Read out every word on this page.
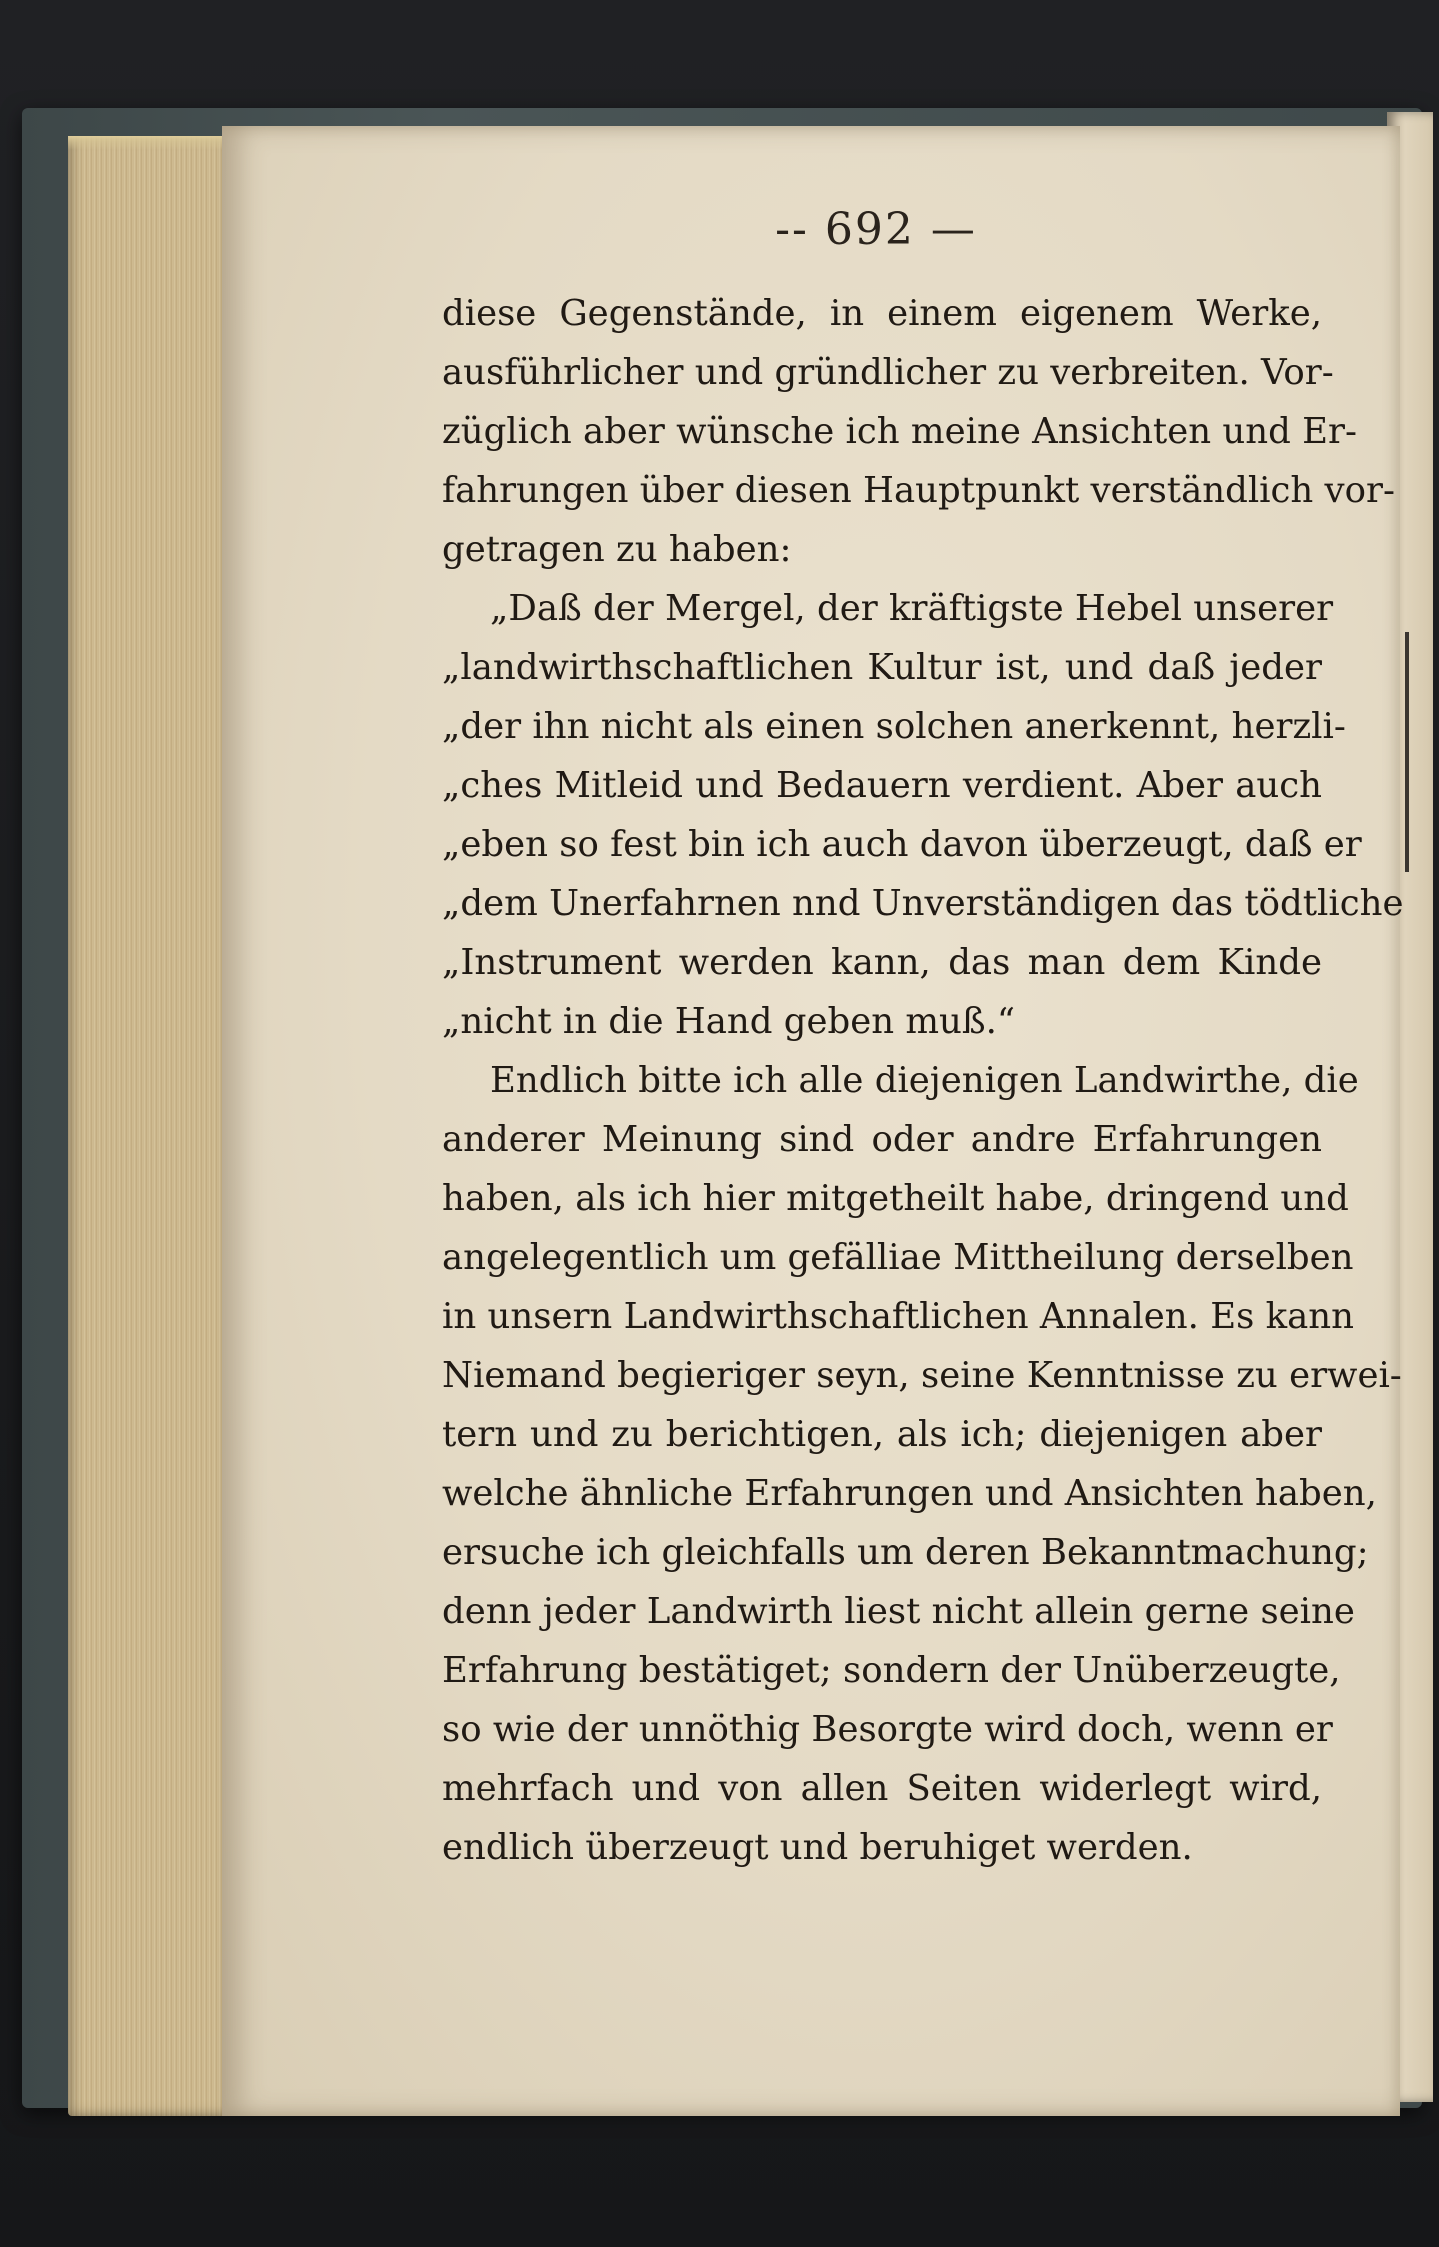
-- 692 —
diese Gegenstände, in einem eigenem Werke,
ausführlicher und gründlicher zu verbreiten. Vor-
züglich aber wünsche ich meine Ansichten und Er-
fahrungen über diesen Hauptpunkt verständlich vor-
getragen zu haben:
„Daß der Mergel, der kräftigste Hebel unserer
„landwirthschaftlichen Kultur ist, und daß jeder
„der ihn nicht als einen solchen anerkennt, herzli-
„ches Mitleid und Bedauern verdient. Aber auch
„eben so fest bin ich auch davon überzeugt, daß er
„dem Unerfahrnen nnd Unverständigen das tödtliche
„Instrument werden kann, das man dem Kinde
„nicht in die Hand geben muß.“
Endlich bitte ich alle diejenigen Landwirthe, die
anderer Meinung sind oder andre Erfahrungen
haben, als ich hier mitgetheilt habe, dringend und
angelegentlich um gefälliae Mittheilung derselben
in unsern Landwirthschaftlichen Annalen. Es kann
Niemand begieriger seyn, seine Kenntnisse zu erwei-
tern und zu berichtigen, als ich; diejenigen aber
welche ähnliche Erfahrungen und Ansichten haben,
ersuche ich gleichfalls um deren Bekanntmachung;
denn jeder Landwirth liest nicht allein gerne seine
Erfahrung bestätiget; sondern der Unüberzeugte,
so wie der unnöthig Besorgte wird doch, wenn er
mehrfach und von allen Seiten widerlegt wird,
endlich überzeugt und beruhiget werden.
